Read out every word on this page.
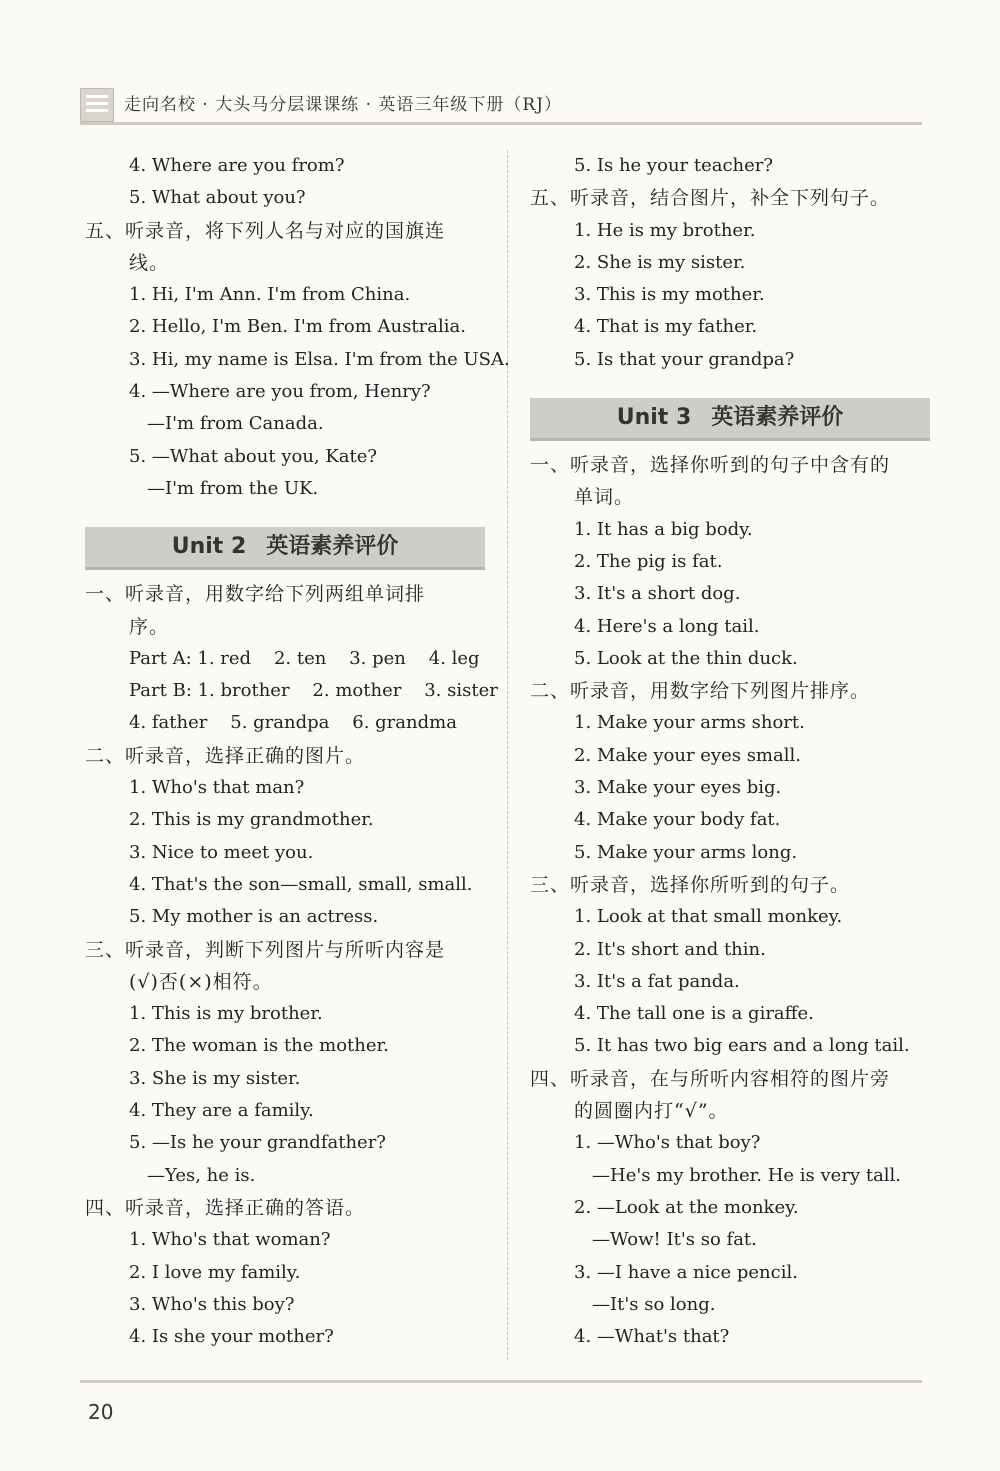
走向名校 · 大头马分层课课练 · 英语三年级下册（RJ）
4. Where are you from?
5. What about you?
五、听录音，将下列人名与对应的国旗连
线。
1. Hi, I'm Ann. I'm from China.
2. Hello, I'm Ben. I'm from Australia.
3. Hi, my name is Elsa. I'm from the USA.
4. —Where are you from, Henry?
—I'm from Canada.
5. —What about you, Kate?
—I'm from the UK.
Unit 2 英语素养评价
一、听录音，用数字给下列两组单词排
序。
Part A: 1. red    2. ten    3. pen    4. leg
Part B: 1. brother    2. mother    3. sister
4. father    5. grandpa    6. grandma
二、听录音，选择正确的图片。
1. Who's that man?
2. This is my grandmother.
3. Nice to meet you.
4. That's the son—small, small, small.
5. My mother is an actress.
三、听录音，判断下列图片与所听内容是
(√)否(×)相符。
1. This is my brother.
2. The woman is the mother.
3. She is my sister.
4. They are a family.
5. —Is he your grandfather?
—Yes, he is.
四、听录音，选择正确的答语。
1. Who's that woman?
2. I love my family.
3. Who's this boy?
4. Is she your mother?
5. Is he your teacher?
五、听录音，结合图片，补全下列句子。
1. He is my brother.
2. She is my sister.
3. This is my mother.
4. That is my father.
5. Is that your grandpa?
Unit 3 英语素养评价
一、听录音，选择你听到的句子中含有的
单词。
1. It has a big body.
2. The pig is fat.
3. It's a short dog.
4. Here's a long tail.
5. Look at the thin duck.
二、听录音，用数字给下列图片排序。
1. Make your arms short.
2. Make your eyes small.
3. Make your eyes big.
4. Make your body fat.
5. Make your arms long.
三、听录音，选择你所听到的句子。
1. Look at that small monkey.
2. It's short and thin.
3. It's a fat panda.
4. The tall one is a giraffe.
5. It has two big ears and a long tail.
四、听录音，在与所听内容相符的图片旁
的圆圈内打“√”。
1. —Who's that boy?
—He's my brother. He is very tall.
2. —Look at the monkey.
—Wow! It's so fat.
3. —I have a nice pencil.
—It's so long.
4. —What's that?
20
